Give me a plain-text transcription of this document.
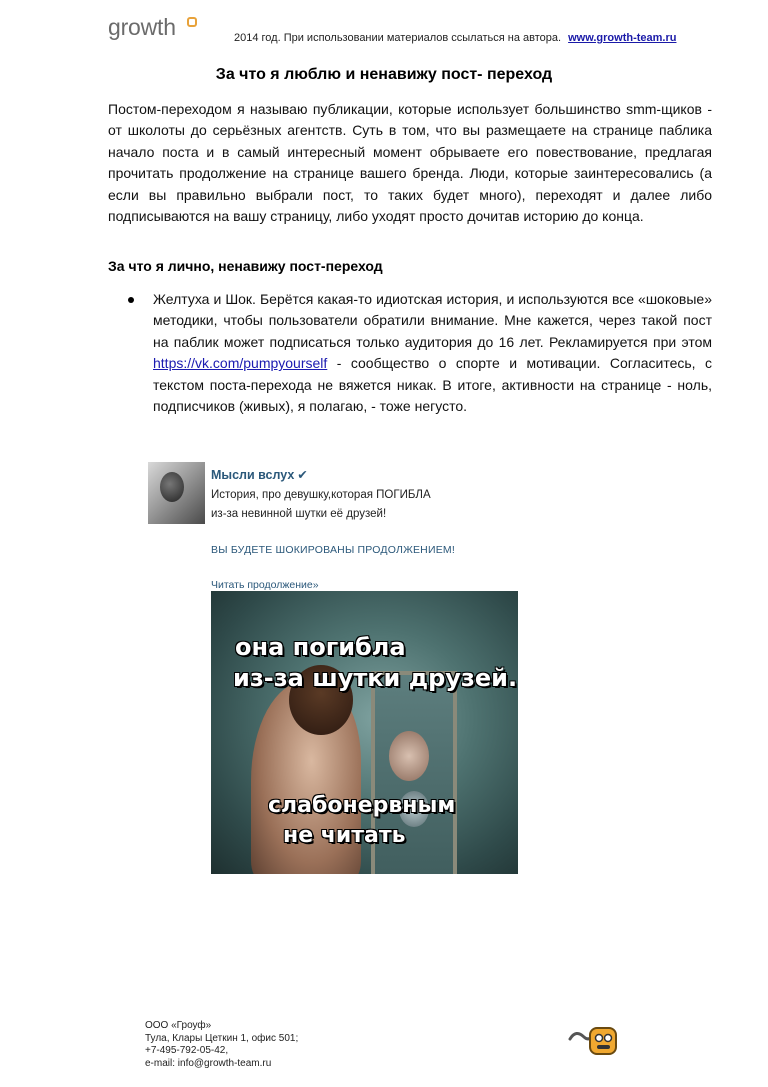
growth	2014 год. При использовании материалов ссылаться на автора. www.growth-team.ru
За что я люблю и ненавижу пост- переход
Постом-переходом я называю публикации, которые использует большинство smm-щиков - от школоты до серьёзных агентств. Суть в том, что вы размещаете на странице паблика начало поста и в самый интересный момент обрываете его повествование, предлагая прочитать продолжение на странице вашего бренда. Люди, которые заинтересовались (а если вы правильно выбрали пост, то таких будет много), переходят и далее либо подписываются на вашу страницу, либо уходят просто дочитав историю до конца.
За что я лично, ненавижу пост-переход
Желтуха и Шок. Берётся какая-то идиотская история, и используются все «шоковые» методики, чтобы пользователи обратили внимание. Мне кажется, через такой пост на паблик может подписаться только аудитория до 16 лет. Рекламируется при этом https://vk.com/pumpyourself - сообщество о спорте и мотивации. Согласитесь, с текстом поста-перехода не вяжется никак. В итоге, активности на странице - ноль, подписчиков (живых), я полагаю, - тоже негусто.
Мысли вслух ✔
История, про девушку,которая ПОГИБЛА
из-за невинной шутки её друзей!
ВЫ БУДЕТЕ ШОКИРОВАНЫ ПРОДОЛЖЕНИЕМ!
Читать продолжение»
она погибла
из-за шутки друзей.
слабонервным
не читать
ООО «Гроуф»
Тула, Клары Цеткин 1, офис 501;
+7-495-792-05-42,
e-mail: info@growth-team.ru
